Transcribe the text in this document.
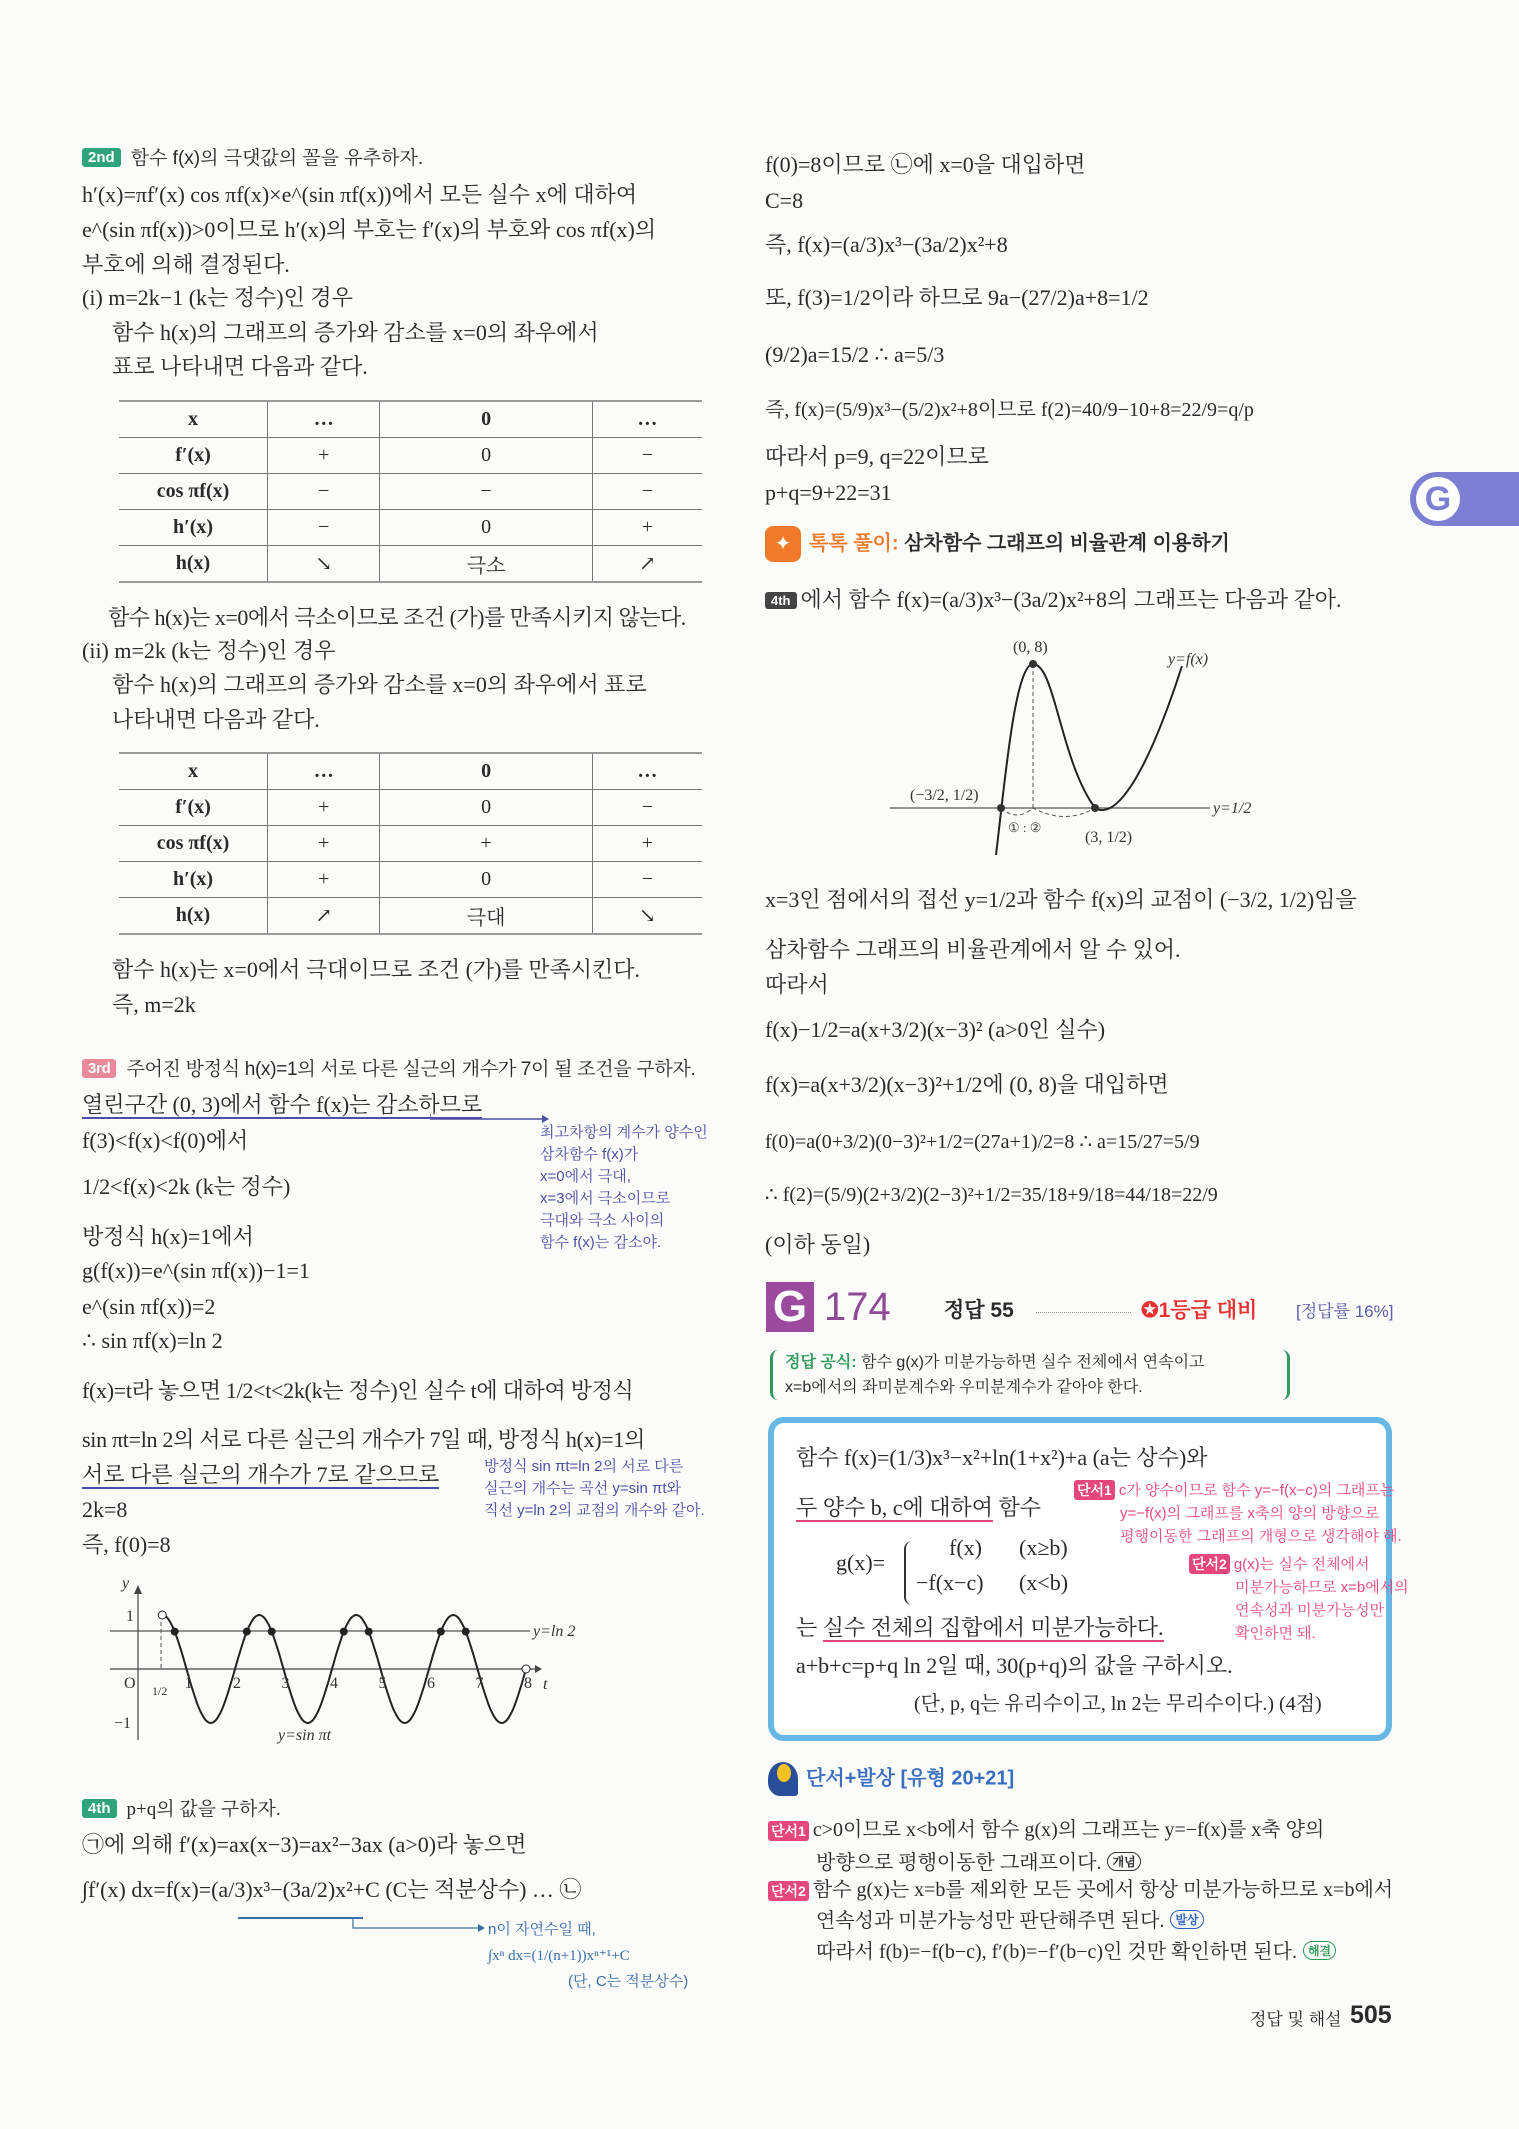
G
2nd 함수 f(x)의 극댓값의 꼴을 유추하자.
h′(x)=πf′(x) cos πf(x)×e^(sin πf(x))에서 모든 실수 x에 대하여
e^(sin πf(x))>0이므로 h′(x)의 부호는 f′(x)의 부호와 cos πf(x)의
부호에 의해 결정된다.
(i) m=2k−1 (k는 정수)인 경우
함수 h(x)의 그래프의 증가와 감소를 x=0의 좌우에서
표로 나타내면 다음과 같다.
x	…	0	…
f′(x)	+	0	−
cos πf(x)	−	−	−
h′(x)	−	0	+
h(x)	↘	극소	↗
함수 h(x)는 x=0에서 극소이므로 조건 (가)를 만족시키지 않는다.
(ii) m=2k (k는 정수)인 경우
함수 h(x)의 그래프의 증가와 감소를 x=0의 좌우에서 표로
나타내면 다음과 같다.
x	…	0	…
f′(x)	+	0	−
cos πf(x)	+	+	+
h′(x)	+	0	−
h(x)	↗	극대	↘
함수 h(x)는 x=0에서 극대이므로 조건 (가)를 만족시킨다.
즉, m=2k
3rd 주어진 방정식 h(x)=1의 서로 다른 실근의 개수가 7이 될 조건을 구하자.
열린구간 (0, 3)에서 함수 f(x)는 감소하므로
f(3)<f(x)<f(0)에서
1/2<f(x)<2k (k는 정수)
방정식 h(x)=1에서
g(f(x))=e^(sin πf(x))−1=1
e^(sin πf(x))=2
∴ sin πf(x)=ln 2
f(x)=t라 놓으면 1/2<t<2k(k는 정수)인 실수 t에 대하여 방정식
sin πt=ln 2의 서로 다른 실근의 개수가 7일 때, 방정식 h(x)=1의
서로 다른 실근의 개수가 7로 같으므로
2k=8
즉, f(0)=8
최고차항의 계수가 양수인
삼차함수 f(x)가
x=0에서 극대,
x=3에서 극소이므로
극대와 극소 사이의
함수 f(x)는 감소야.
방정식 sin πt=ln 2의 서로 다른
실근의 개수는 곡선 y=sin πt와
직선 y=ln 2의 교점의 개수와 같아.
y
t
O
1
−1
1/2 1	2	3	4	5	6	7	8
y=ln 2
y=sin πt
4th p+q의 값을 구하자.
㉠에 의해 f′(x)=ax(x−3)=ax²−3ax (a>0)라 놓으면
∫f′(x) dx=f(x)=(a/3)x³−(3a/2)x²+C (C는 적분상수) … ㉡
n이 자연수일 때,
∫xⁿ dx=(1/(n+1))xⁿ⁺¹+C
(단, C는 적분상수)
f(0)=8이므로 ㉡에 x=0을 대입하면
C=8
즉, f(x)=(a/3)x³−(3a/2)x²+8
또, f(3)=1/2이라 하므로 9a−(27/2)a+8=1/2
(9/2)a=15/2 ∴ a=5/3
즉, f(x)=(5/9)x³−(5/2)x²+8이므로 f(2)=40/9−10+8=22/9=q/p
따라서 p=9, q=22이므로
p+q=9+22=31
✦ 톡톡 풀이: 삼차함수 그래프의 비율관계 이용하기
4th 에서 함수 f(x)=(a/3)x³−(3a/2)x²+8의 그래프는 다음과 같아.
(0, 8)
y=f(x)
(−3/2, 1/2)
(3, 1/2)
y=1/2
① : ②
x=3인 점에서의 접선 y=1/2과 함수 f(x)의 교점이 (−3/2, 1/2)임을
삼차함수 그래프의 비율관계에서 알 수 있어.
따라서
f(x)−1/2=a(x+3/2)(x−3)² (a>0인 실수)
f(x)=a(x+3/2)(x−3)²+1/2에 (0, 8)을 대입하면
f(0)=a(0+3/2)(0−3)²+1/2=(27a+1)/2=8 ∴ a=15/27=5/9
∴ f(2)=(5/9)(2+3/2)(2−3)²+1/2=35/18+9/18=44/18=22/9
(이하 동일)
G 174	정답 55	✪1등급 대비 [정답률 16%]
정답 공식: 함수 g(x)가 미분가능하면 실수 전체에서 연속이고
x=b에서의 좌미분계수와 우미분계수가 같아야 한다.
함수 f(x)=(1/3)x³−x²+ln(1+x²)+a (a는 상수)와
두 양수 b, c에 대하여 함수
g(x)=
f(x) (x≥b)
−f(x−c) (x<b)
는 실수 전체의 집합에서 미분가능하다.
a+b+c=p+q ln 2일 때, 30(p+q)의 값을 구하시오.
(단, p, q는 유리수이고, ln 2는 무리수이다.) (4점)
단서1 c가 양수이므로 함수 y=−f(x−c)의 그래프는
y=−f(x)의 그래프를 x축의 양의 방향으로
평행이동한 그래프의 개형으로 생각해야 해.
단서2 g(x)는 실수 전체에서
미분가능하므로 x=b에서의
연속성과 미분가능성만
확인하면 돼.
단서+발상 [유형 20+21]
단서1 c>0이므로 x<b에서 함수 g(x)의 그래프는 y=−f(x)를 x축 양의
방향으로 평행이동한 그래프이다. 개념
단서2 함수 g(x)는 x=b를 제외한 모든 곳에서 항상 미분가능하므로 x=b에서
연속성과 미분가능성만 판단해주면 된다. 발상
따라서 f(b)=−f(b−c), f′(b)=−f′(b−c)인 것만 확인하면 된다. 해결
정답 및 해설 505
